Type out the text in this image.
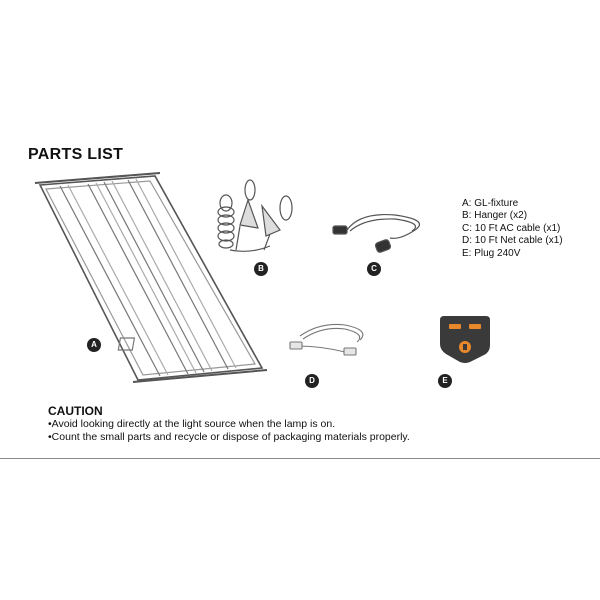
PARTS LIST
A
B	C
D	E
A: GL-fixture
B: Hanger (x2)
C: 10 Ft AC cable (x1)
D: 10 Ft Net cable (x1)
E: Plug 240V
CAUTION
•Avoid looking directly at the light source when the lamp is on.
•Count the small parts and recycle or dispose of packaging materials properly.
